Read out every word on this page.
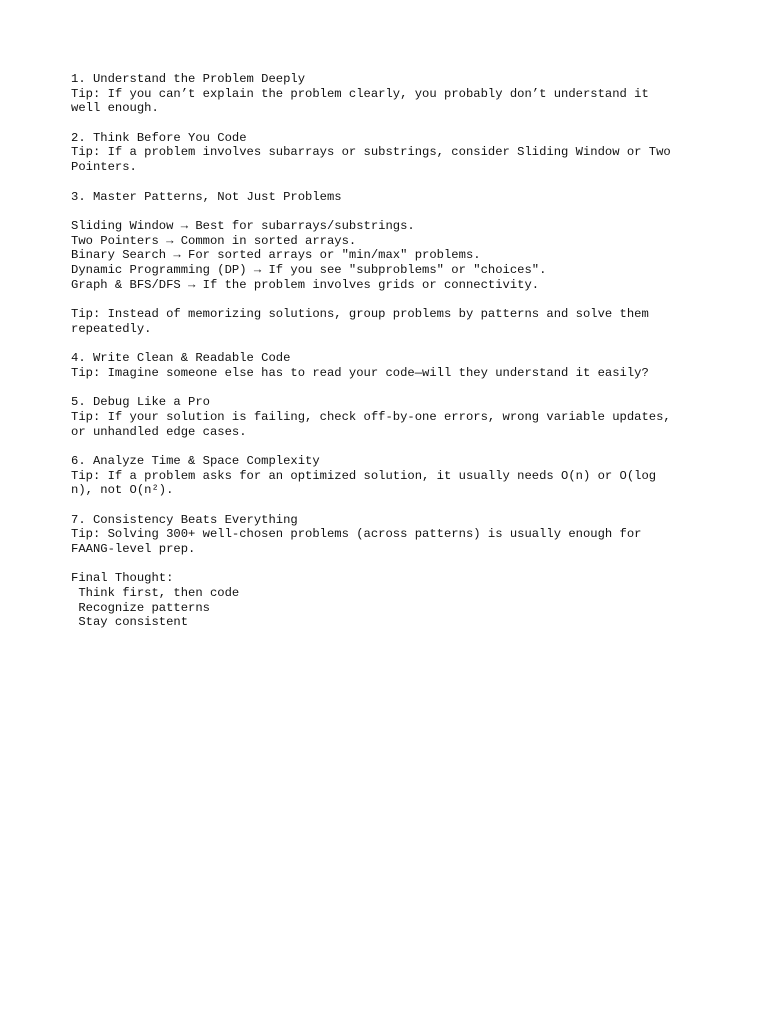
1. Understand the Problem Deeply
Tip: If you can’t explain the problem clearly, you probably don’t understand it
well enough.
2. Think Before You Code
Tip: If a problem involves subarrays or substrings, consider Sliding Window or Two
Pointers.
3. Master Patterns, Not Just Problems
Sliding Window → Best for subarrays/substrings.
Two Pointers → Common in sorted arrays.
Binary Search → For sorted arrays or "min/max" problems.
Dynamic Programming (DP) → If you see "subproblems" or "choices".
Graph & BFS/DFS → If the problem involves grids or connectivity.
Tip: Instead of memorizing solutions, group problems by patterns and solve them
repeatedly.
4. Write Clean & Readable Code
Tip: Imagine someone else has to read your code—will they understand it easily?
5. Debug Like a Pro
Tip: If your solution is failing, check off-by-one errors, wrong variable updates,
or unhandled edge cases.
6. Analyze Time & Space Complexity
Tip: If a problem asks for an optimized solution, it usually needs O(n) or O(log
n), not O(n²).
7. Consistency Beats Everything
Tip: Solving 300+ well-chosen problems (across patterns) is usually enough for
FAANG-level prep.
Final Thought:
Think first, then code
Recognize patterns
Stay consistent
